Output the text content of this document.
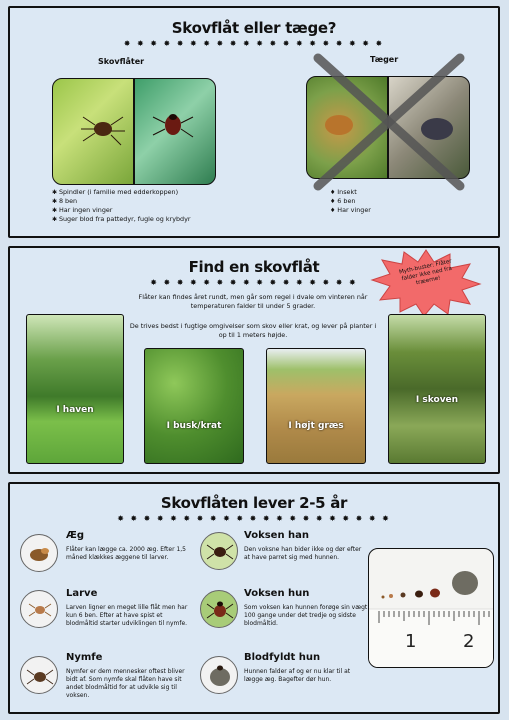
Skovflåt eller tæge?
✸ ✸ ✸ ✸ ✸ ✸ ✸ ✸ ✸ ✸ ✸ ✸ ✸ ✸ ✸ ✸ ✸ ✸ ✸ ✸
Skovflåter	Tæger
✱ Spindler (i familie med edderkoppen)
✱ 8 ben
✱ Har ingen vinger
✱ Suger blod fra pattedyr, fugle og krybdyr
♦ Insekt
♦ 6 ben
♦ Har vinger
Find en skovflåt
✸ ✸ ✸ ✸ ✸ ✸ ✸ ✸ ✸ ✸ ✸ ✸ ✸ ✸ ✸ ✸
Flåter kan findes året rundt, men går som regel i dvale om vinteren når temperaturen falder til under 5 grader.
De trives bedst i fugtige omgivelser som skov eller krat, og lever på planter i op til 1 meters højde.
Myth-buster: Flåter falder ikke ned fra træerne!
I haven
I busk/krat	I højt græs
I skoven
Skovflåten lever 2-5 år
✸ ✸ ✸ ✸ ✸ ✸ ✸ ✸ ✸ ✸ ✸ ✸ ✸ ✸ ✸ ✸ ✸ ✸ ✸ ✸ ✸
Æg
Flåter kan lægge ca. 2000 æg. Efter 1,5 måned klækkes æggene til larver.
Larve
Larven ligner en meget lille flåt men har kun 6 ben. Efter at have spist et blodmåltid starter udviklingen til nymfe.
Nymfe
Nymfer er dem mennesker oftest bliver bidt af. Som nymfe skal flåten have sit andet blodmåltid for at udvikle sig til voksen.
Voksen han
Den voksne han bider ikke og dør efter at have parret sig med hunnen.
Voksen hun
Som voksen kan hunnen forøge sin vægt 100 gange under det tredje og sidste blodmåltid.
Blodfyldt hun
Hunnen falder af og er nu klar til at lægge æg. Bagefter dør hun.
1	2
